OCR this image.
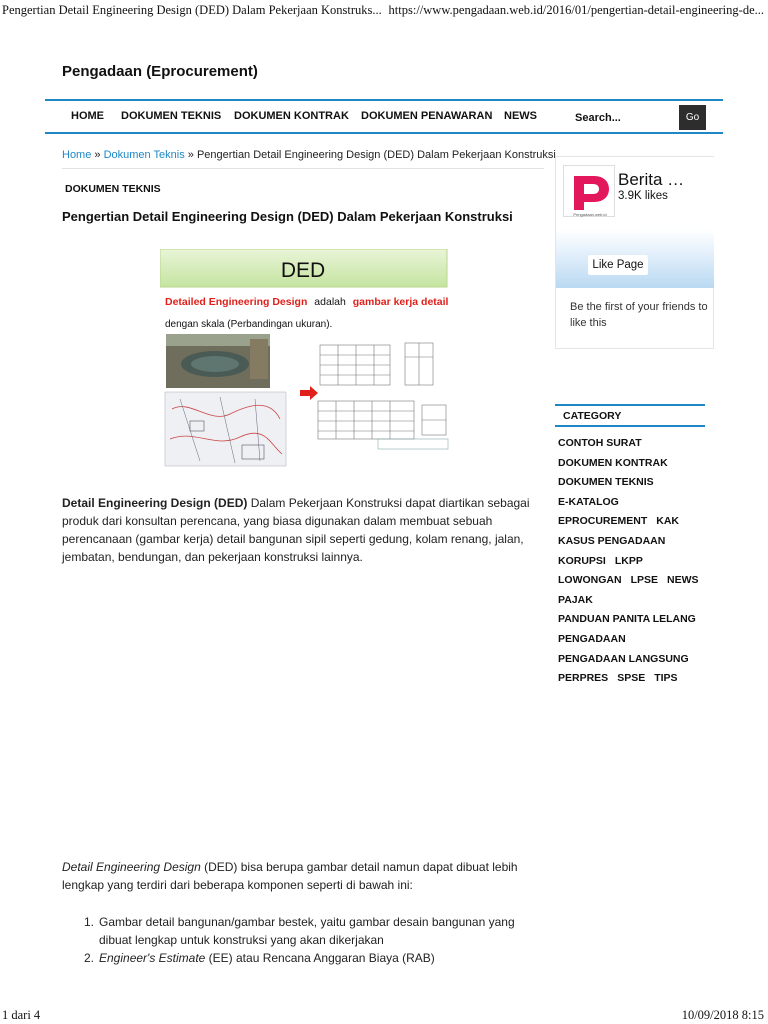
Pengertian Detail Engineering Design (DED) Dalam Pekerjaan Konstruks... https://www.pengadaan.web.id/2016/01/pengertian-detail-engineering-de...
Pengadaan (Eprocurement)
HOME DOKUMEN TEKNIS DOKUMEN KONTRAK DOKUMEN PENAWARAN NEWS
Search...	Go
Home » Dokumen Teknis » Pengertian Detail Engineering Design (DED) Dalam Pekerjaan Konstruksi
DOKUMEN TEKNIS
Pengertian Detail Engineering Design (DED) Dalam Pekerjaan Konstruksi
DED
Detailed Engineering Design adalah gambar kerja detail
dengan skala (Perbandingan ukuran).

Detail Engineering Design (DED) Dalam Pekerjaan Konstruksi dapat diartikan sebagai produk dari konsultan perencana, yang biasa digunakan dalam membuat sebuah perencanaan (gambar kerja) detail bangunan sipil seperti gedung, kolam renang, jalan, jembatan, bendungan, dan pekerjaan konstruksi lainnya.

Detail Engineering Design (DED) bisa berupa gambar detail namun dapat dibuat lebih lengkap yang terdiri dari beberapa komponen seperti di bawah ini:

1. Gambar detail bangunan/gambar bestek, yaitu gambar desain bangunan yang dibuat lengkap untuk konstruksi yang akan dikerjakan
2. Engineer's Estimate (EE) atau Rencana Anggaran Biaya (RAB)
Pengadaan.web.id
Berita …
3.9K likes
Like Page
Be the first of your friends to like this
CATEGORY
CONTOH SURAT
DOKUMEN KONTRAK
DOKUMEN TEKNIS
E-KATALOG
EPROCUREMENT KAK
KASUS PENGADAAN
KORUPSI LKPP
LOWONGAN LPSE NEWS
PAJAK
PANDUAN PANITA LELANG
PENGADAAN
PENGADAAN LANGSUNG
PERPRES SPSE TIPS
1 dari 4	10/09/2018 8:15
